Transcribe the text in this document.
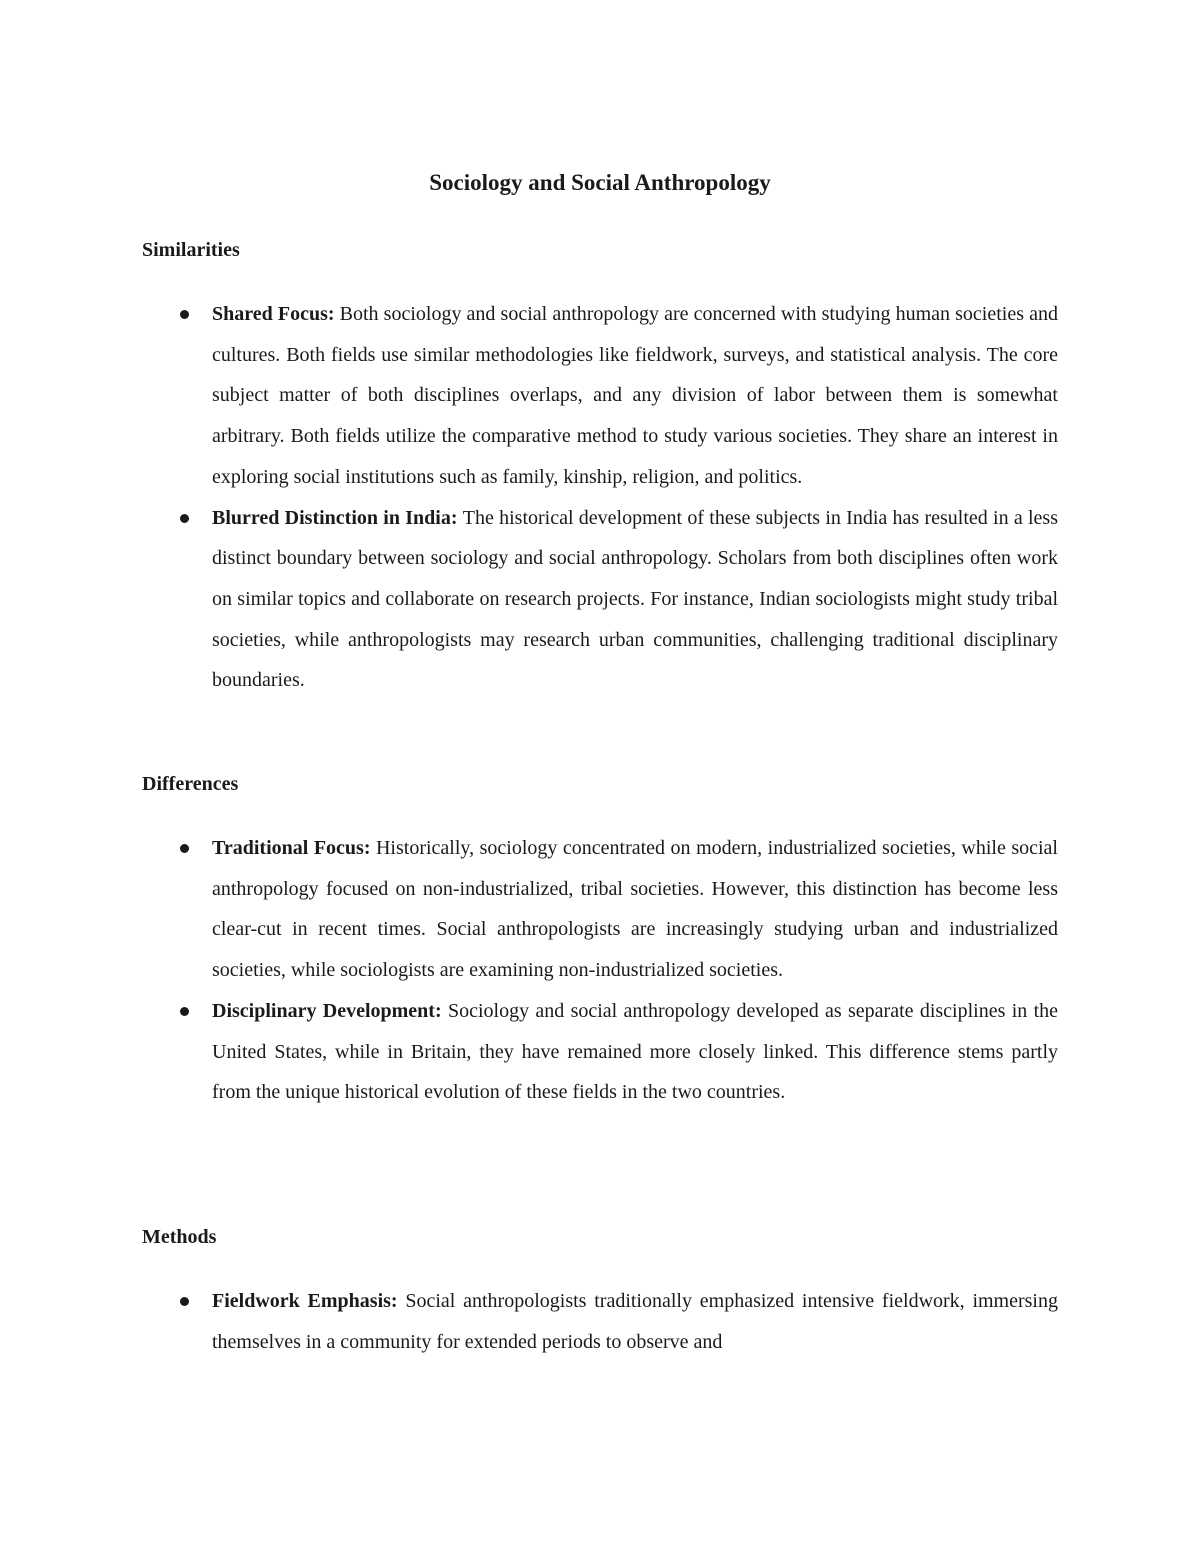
Sociology and Social Anthropology
Similarities
Shared Focus: Both sociology and social anthropology are concerned with studying human societies and cultures. Both fields use similar methodologies like fieldwork, surveys, and statistical analysis. The core subject matter of both disciplines overlaps, and any division of labor between them is somewhat arbitrary. Both fields utilize the comparative method to study various societies. They share an interest in exploring social institutions such as family, kinship, religion, and politics.
Blurred Distinction in India: The historical development of these subjects in India has resulted in a less distinct boundary between sociology and social anthropology. Scholars from both disciplines often work on similar topics and collaborate on research projects. For instance, Indian sociologists might study tribal societies, while anthropologists may research urban communities, challenging traditional disciplinary boundaries.
Differences
Traditional Focus: Historically, sociology concentrated on modern, industrialized societies, while social anthropology focused on non-industrialized, tribal societies. However, this distinction has become less clear-cut in recent times. Social anthropologists are increasingly studying urban and industrialized societies, while sociologists are examining non-industrialized societies.
Disciplinary Development: Sociology and social anthropology developed as separate disciplines in the United States, while in Britain, they have remained more closely linked. This difference stems partly from the unique historical evolution of these fields in the two countries.
Methods
Fieldwork Emphasis: Social anthropologists traditionally emphasized intensive fieldwork, immersing themselves in a community for extended periods to observe and
